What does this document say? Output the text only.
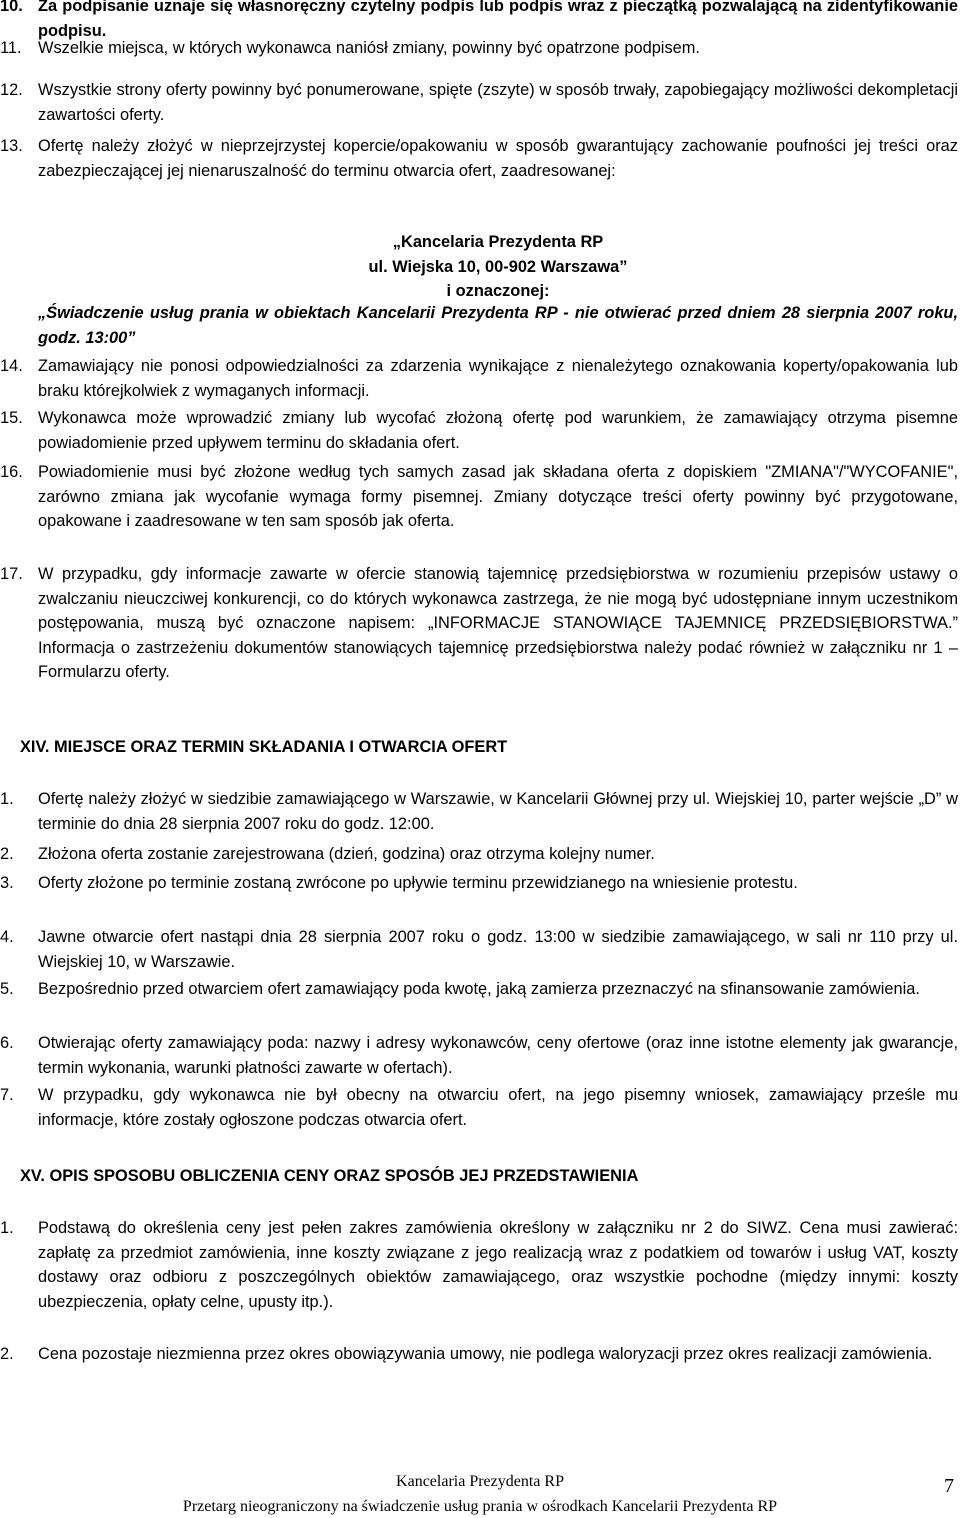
10. Za podpisanie uznaje się własnoręczny czytelny podpis lub podpis wraz z pieczątką pozwalającą na zidentyfikowanie podpisu.
11.	Wszelkie miejsca, w których wykonawca naniósł zmiany, powinny być opatrzone podpisem.
12. Wszystkie strony oferty powinny być ponumerowane, spięte (zszyte) w sposób trwały, zapobiegający możliwości dekompletacji zawartości oferty.
13. Ofertę należy złożyć w nieprzejrzystej kopercie/opakowaniu w sposób gwarantujący zachowanie poufności jej treści oraz zabezpieczającej jej nienaruszalność do terminu otwarcia ofert, zaadresowanej:
„Kancelaria Prezydenta RP
ul. Wiejska 10, 00-902 Warszawa”
i oznaczonej:
„Świadczenie usług prania w obiektach Kancelarii Prezydenta RP - nie otwierać przed dniem 28 sierpnia 2007 roku, godz. 13:00”
14. Zamawiający nie ponosi odpowiedzialności za zdarzenia wynikające z nienależytego oznakowania koperty/opakowania lub braku którejkolwiek z wymaganych informacji.
15. Wykonawca może wprowadzić zmiany lub wycofać złożoną ofertę pod warunkiem, że zamawiający otrzyma pisemne powiadomienie przed upływem terminu do składania ofert.
16. Powiadomienie musi być złożone według tych samych zasad jak składana oferta z dopiskiem "ZMIANA"/"WYCOFANIE", zarówno zmiana jak wycofanie wymaga formy pisemnej. Zmiany dotyczące treści oferty powinny być przygotowane, opakowane i zaadresowane w ten sam sposób jak oferta.
17. W przypadku, gdy informacje zawarte w ofercie stanowią tajemnicę przedsiębiorstwa w rozumieniu przepisów ustawy o zwalczaniu nieuczciwej konkurencji, co do których wykonawca zastrzega, że nie mogą być udostępniane innym uczestnikom postępowania, muszą być oznaczone napisem: „INFORMACJE STANOWIĄCE TAJEMNICĘ PRZEDSIĘBIORSTWA.” Informacja o zastrzeżeniu dokumentów stanowiących tajemnicę przedsiębiorstwa należy podać również w załączniku nr 1 – Formularzu oferty.
XIV. MIEJSCE ORAZ TERMIN SKŁADANIA I OTWARCIA OFERT
1.	Ofertę należy złożyć w siedzibie zamawiającego w Warszawie, w Kancelarii Głównej przy ul. Wiejskiej 10, parter wejście „D” w terminie do dnia 28 sierpnia 2007 roku do godz. 12:00.
2.	Złożona oferta zostanie zarejestrowana (dzień, godzina) oraz otrzyma kolejny numer.
3.	Oferty złożone po terminie zostaną zwrócone po upływie terminu przewidzianego na wniesienie protestu.
4.	Jawne otwarcie ofert nastąpi dnia 28 sierpnia 2007 roku o godz. 13:00 w siedzibie zamawiającego, w sali nr 110 przy ul. Wiejskiej 10, w Warszawie.
5.	Bezpośrednio przed otwarciem ofert zamawiający poda kwotę, jaką zamierza przeznaczyć na sfinansowanie zamówienia.
6.	Otwierając oferty zamawiający poda: nazwy i adresy wykonawców, ceny ofertowe (oraz inne istotne elementy jak gwarancje, termin wykonania, warunki płatności zawarte w ofertach).
7.	W przypadku, gdy wykonawca nie był obecny na otwarciu ofert, na jego pisemny wniosek, zamawiający prześle mu informacje, które zostały ogłoszone podczas otwarcia ofert.
XV. OPIS SPOSOBU OBLICZENIA CENY ORAZ SPOSÓB JEJ PRZEDSTAWIENIA
1.	Podstawą do określenia ceny jest pełen zakres zamówienia określony w załączniku nr 2 do SIWZ. Cena musi zawierać: zapłatę za przedmiot zamówienia, inne koszty związane z jego realizacją wraz z podatkiem od towarów i usług VAT, koszty dostawy oraz odbioru z poszczególnych obiektów zamawiającego, oraz wszystkie pochodne (między innymi: koszty ubezpieczenia, opłaty celne, upusty itp.).
2.	Cena pozostaje niezmienna przez okres obowiązywania umowy, nie podlega waloryzacji przez okres realizacji zamówienia.
Kancelaria Prezydenta RP
Przetarg nieograniczony na świadczenie usług prania w ośrodkach Kancelarii Prezydenta RP
7
